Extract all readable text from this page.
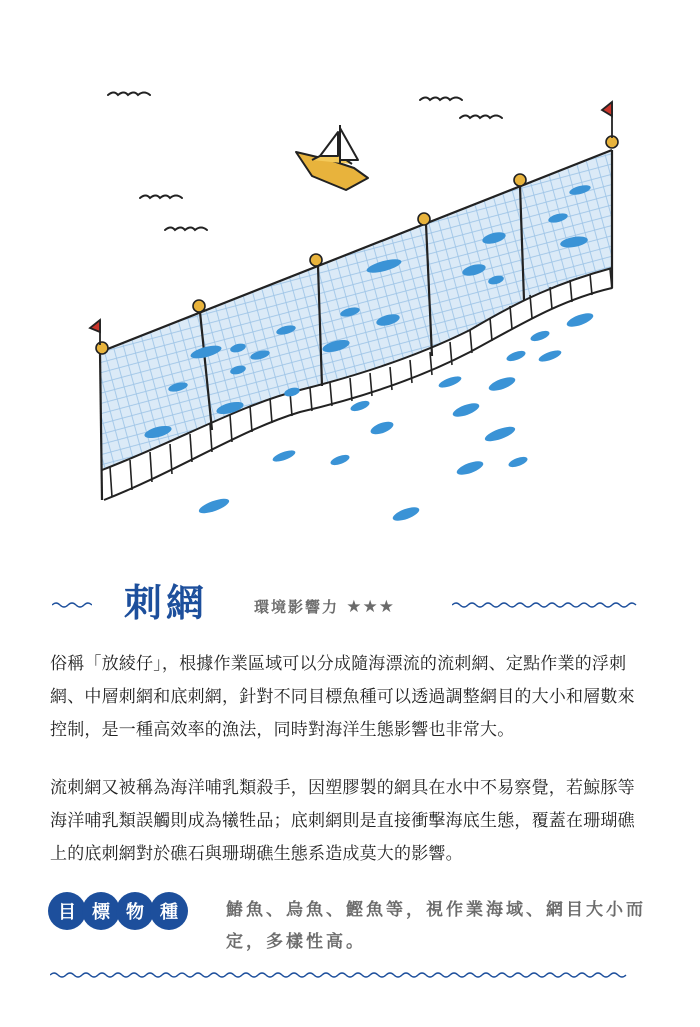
刺網	環境影響力 ★★★
俗稱「放綾仔」，根據作業區域可以分成隨海漂流的流刺網、定點作業的浮刺網、中層刺網和底刺網，針對不同目標魚種可以透過調整網目的大小和層數來控制，是一種高效率的漁法，同時對海洋生態影響也非常大。
流刺網又被稱為海洋哺乳類殺手，因塑膠製的網具在水中不易察覺，若鯨豚等海洋哺乳類誤觸則成為犧牲品；底刺網則是直接衝擊海底生態，覆蓋在珊瑚礁上的底刺網對於礁石與珊瑚礁生態系造成莫大的影響。
目 標 物 種	鰆魚、烏魚、鰹魚等，視作業海域、網目大小而定，多樣性高。
